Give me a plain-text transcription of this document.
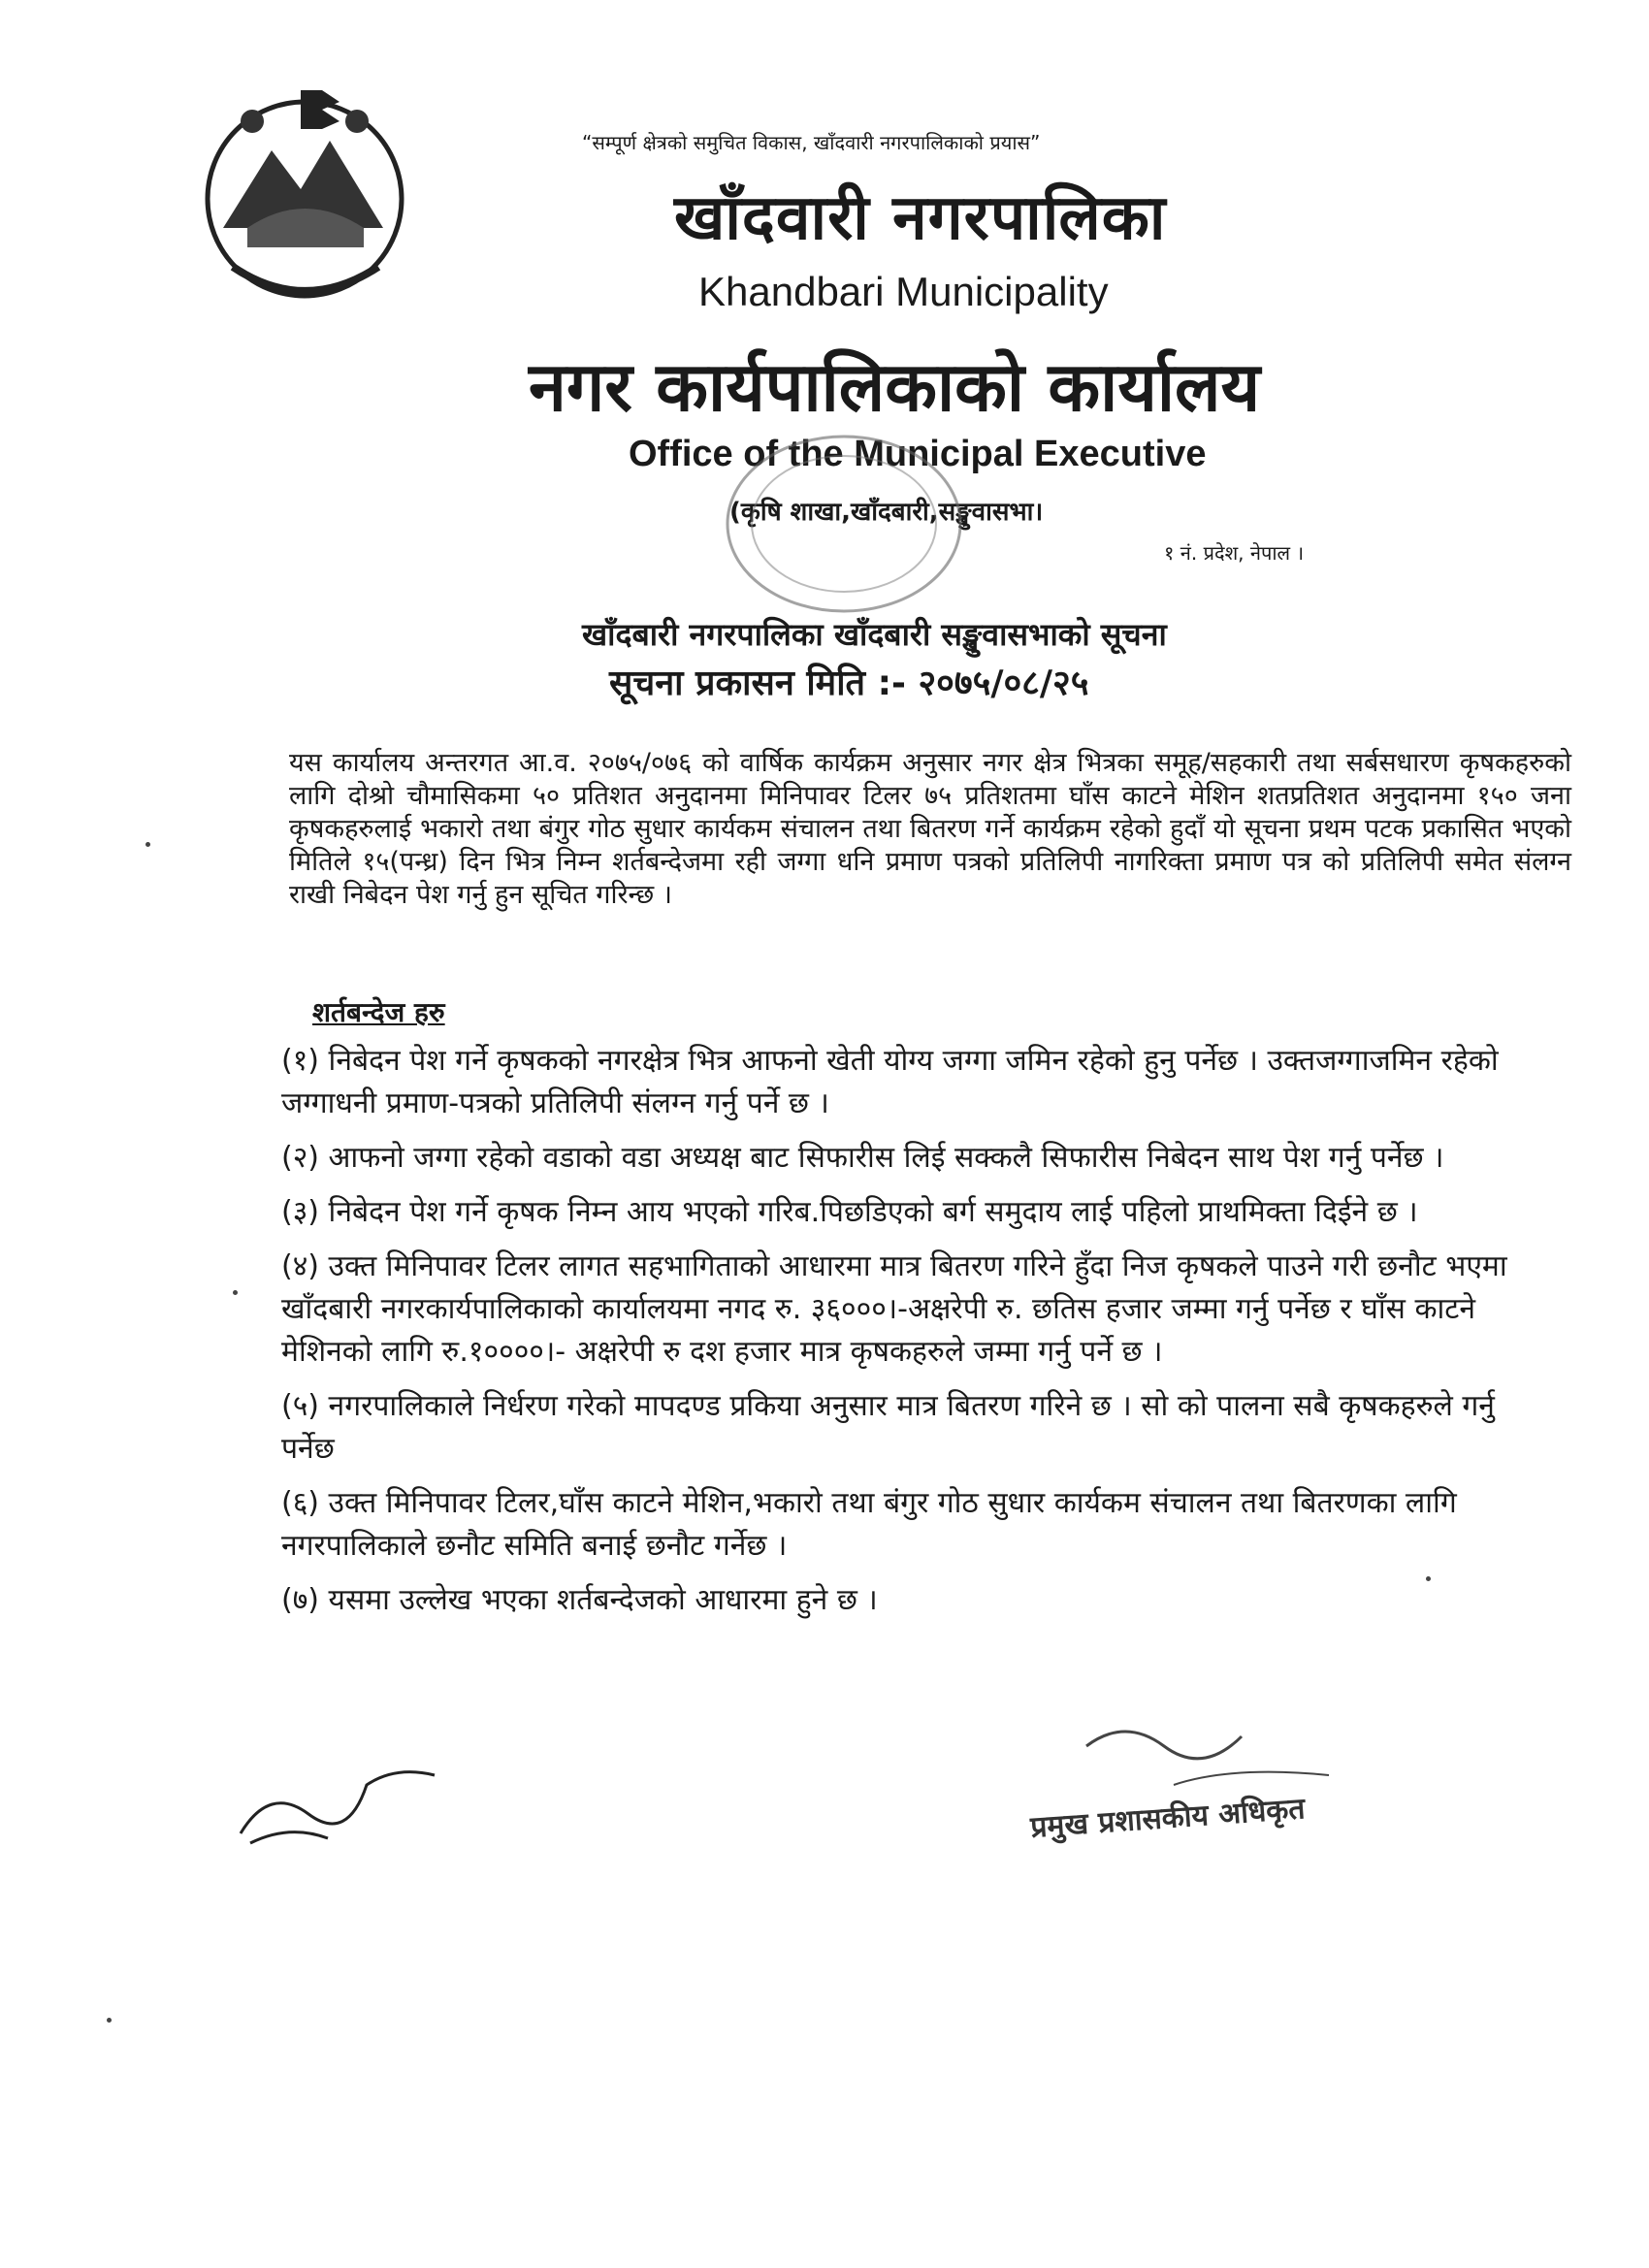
“सम्पूर्ण क्षेत्रको समुचित विकास, खाँदवारी नगरपालिकाको प्रयास”
खाँदवारी नगरपालिका
Khandbari Municipality
नगर कार्यपालिकाको कार्यालय
Office of the Municipal Executive
(कृषि शाखा,खाँदबारी,सङ्खुवासभा।
१ नं. प्रदेश, नेपाल ।
खाँदबारी नगरपालिका खाँदबारी सङ्खुवासभाको सूचना
सूचना प्रकासन मिति :- २०७५/०८/२५
यस कार्यालय अन्तरगत आ.व. २०७५/०७६ को वार्षिक कार्यक्रम अनुसार नगर क्षेत्र भित्रका समूह/सहकारी तथा सर्बसधारण कृषकहरुको लागि दोश्रो चौमासिकमा ५० प्रतिशत अनुदानमा मिनिपावर टिलर ७५ प्रतिशतमा घाँस काटने मेशिन शतप्रतिशत अनुदानमा १५० जना कृषकहरुलाई भकारो तथा बंगुर गोठ सुधार कार्यकम संचालन तथा बितरण गर्ने कार्यक्रम रहेको हुदाँ यो सूचना प्रथम पटक प्रकासित भएको मितिले १५(पन्ध्र) दिन भित्र निम्न शर्तबन्देजमा रही जग्गा धनि प्रमाण पत्रको प्रतिलिपी नागरिक्ता प्रमाण पत्र को प्रतिलिपी समेत संलग्न राखी निबेदन पेश गर्नु हुन सूचित गरिन्छ ।
शर्तबन्देज हरु
(१) निबेदन पेश गर्ने कृषकको नगरक्षेत्र भित्र आफनो खेती योग्य जग्गा जमिन रहेको हुनु पर्नेछ । उक्तजग्गाजमिन रहेको जग्गाधनी प्रमाण-पत्रको प्रतिलिपी संलग्न गर्नु पर्ने छ ।
(२) आफनो जग्गा रहेको वडाको वडा अध्यक्ष बाट सिफारीस लिई सक्कलै सिफारीस निबेदन साथ पेश गर्नु पर्नेछ ।
(३) निबेदन पेश गर्ने कृषक निम्न आय भएको गरिब.पिछडिएको बर्ग समुदाय लाई पहिलो प्राथमिक्ता दिईने छ ।
(४) उक्त मिनिपावर टिलर लागत सहभागिताको आधारमा मात्र बितरण गरिने हुँदा निज कृषकले पाउने गरी छनौट भएमा खाँदबारी नगरकार्यपालिकाको कार्यालयमा नगद रु. ३६०००।-अक्षरेपी रु. छतिस हजार जम्मा गर्नु पर्नेछ र घाँस काटने मेशिनको लागि रु.१००००।- अक्षरेपी रु दश हजार मात्र कृषकहरुले जम्मा गर्नु पर्ने छ ।
(५) नगरपालिकाले निर्धरण गरेको मापदण्ड प्रकिया अनुसार मात्र बितरण गरिने छ । सो को पालना सबै कृषकहरुले गर्नु पर्नेछ
(६) उक्त मिनिपावर टिलर,घाँस काटने मेशिन,भकारो तथा बंगुर गोठ सुधार कार्यकम संचालन तथा बितरणका लागि नगरपालिकाले छनौट समिति बनाई छनौट गर्नेछ ।
(७) यसमा उल्लेख भएका शर्तबन्देजको आधारमा हुने छ ।
प्रमुख प्रशासकीय अधिकृत
